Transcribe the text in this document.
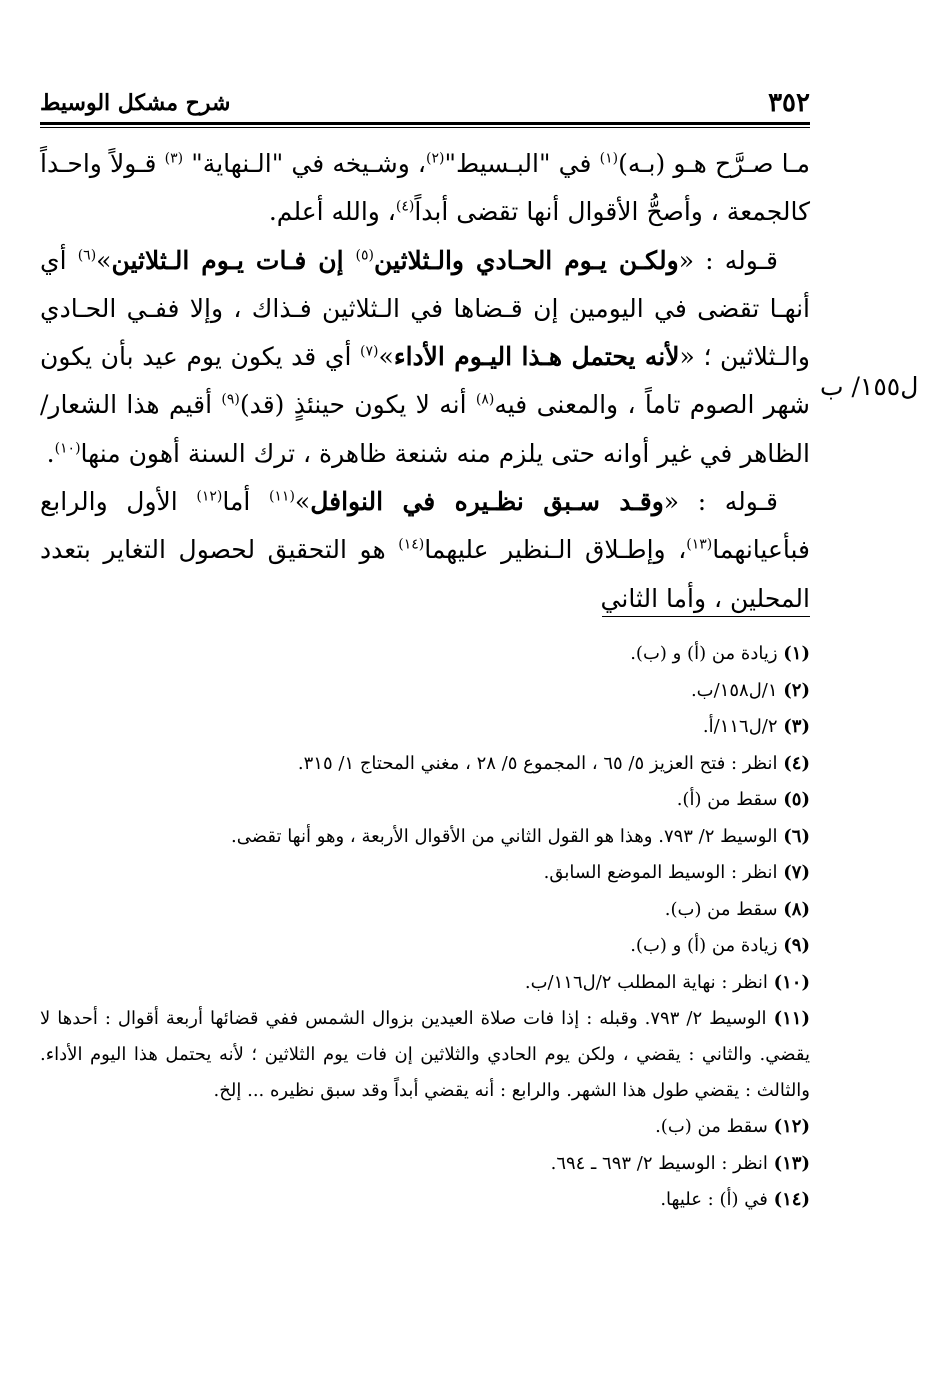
٣٥٢
شرح مشكل الوسيط
ل١٥٥/ ب

مـا صـرَّح هـو (بـه)$^{(١)}$ في "البـسيط"$^{(٢)}$، وشـيخه في "الـنهاية" $^{(٣)}$ قـولاً واحـداً كالجمعة ، وأصحُّ الأقوال أنها تقضى أبداً$^{(٤)}$، والله أعلم.

قـوله : «ولكـن يـوم الحـادي والـثلاثين$^{(٥)}$ إن فـات يـوم الـثلاثين»$^{(٦)}$ أي أنهـا تقضى في اليومين إن قـضاها في الـثلاثين فـذاك ، وإلا ففـي الحـادي والـثلاثين ؛ «لأنه يحتمل هـذا اليـوم الأداء»$^{(٧)}$ أي قد يكون يوم عيد بأن يكون شهر الصوم تاماً ، والمعنى فيه$^{(٨)}$ أنه لا يكون حينئذٍ (قد)$^{(٩)}$ أقيم هذا الشعار/ الظاهر في غير أوانه حتى يلزم منه شنعة ظاهرة ، ترك السنة أهون منها$^{(١٠)}$.

قـوله : «وقـد سـبق نظـيره في النوافل»$^{(١١)}$ أما$^{(١٢)}$ الأول والرابع فبأعيانهما$^{(١٣)}$، وإطـلاق الـنظير عليهما$^{(١٤)}$ هو التحقيق لحصول التغاير بتعدد المحلين ، وأما الثاني

(١) زيادة من (أ) و (ب).

(٢) ١/ل١٥٨/ب.

(٣) ٢/ل١١٦/أ.

(٤) انظر : فتح العزيز ٥/ ٦٥ ، المجموع ٥/ ٢٨ ، مغني المحتاج ١/ ٣١٥.

(٥) سقط من (أ).

(٦) الوسيط ٢/ ٧٩٣. وهذا هو القول الثاني من الأقوال الأربعة ، وهو أنها تقضى.

(٧) انظر : الوسيط الموضع السابق.

(٨) سقط من (ب).

(٩) زيادة من (أ) و (ب).

(١٠) انظر : نهاية المطلب ٢/ل١١٦/ب.

(١١) الوسيط ٢/ ٧٩٣. وقبله : إذا فات صلاة العيدين بزوال الشمس ففي قضائها أربعة أقوال : أحدها لا يقضي. والثاني : يقضي ، ولكن يوم الحادي والثلاثين إن فات يوم الثلاثين ؛ لأنه يحتمل هذا اليوم الأداء. والثالث : يقضي طول هذا الشهر. والرابع : أنه يقضي أبداً وقد سبق نظيره ... إلخ.

(١٢) سقط من (ب).

(١٣) انظر : الوسيط ٢/ ٦٩٣ ـ ٦٩٤.

(١٤) في (أ) : عليها.
